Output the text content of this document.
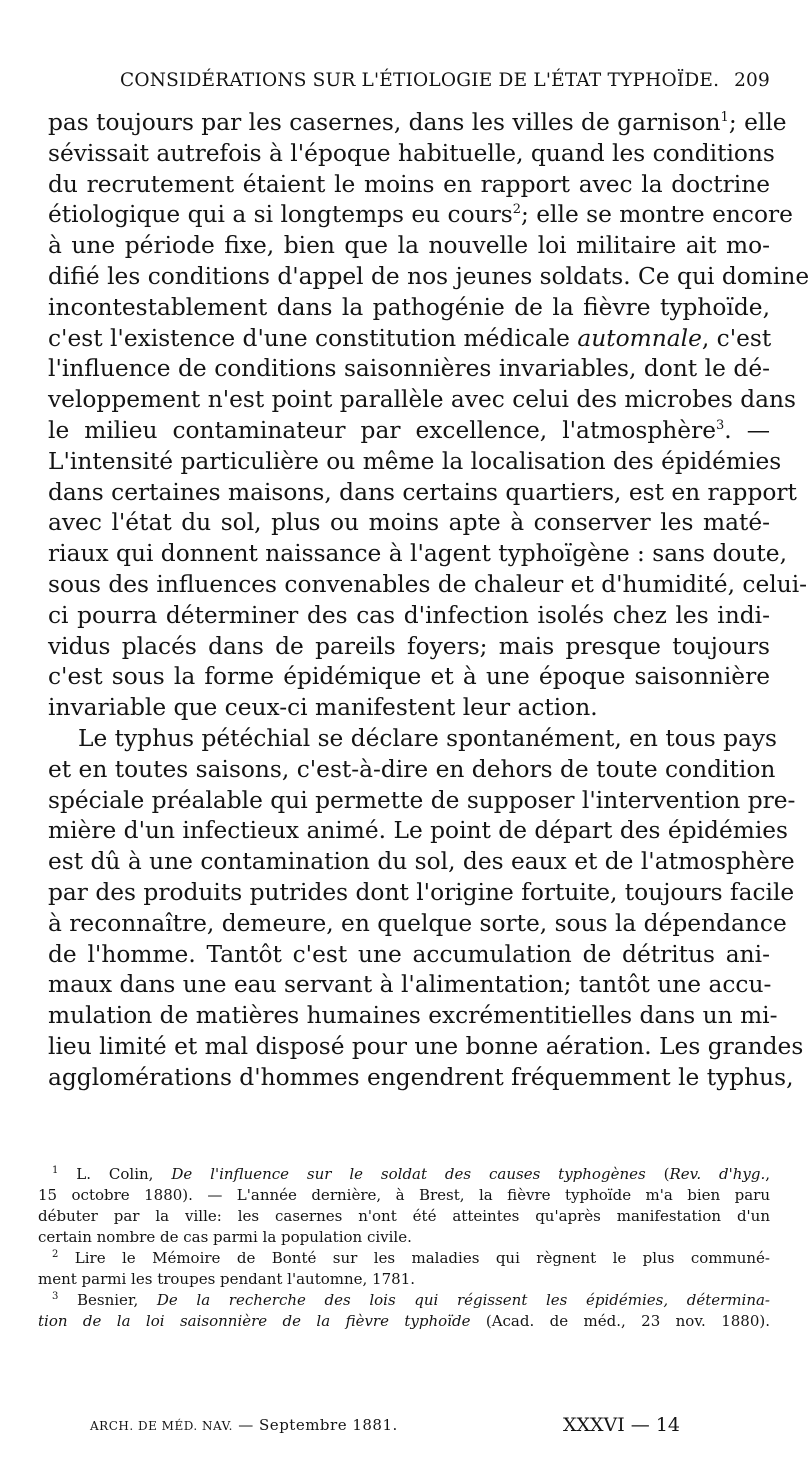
CONSIDÉRATIONS SUR L'ÉTIOLOGIE DE L'ÉTAT TYPHOÏDE. 209
pas toujours par les casernes, dans les villes de garnison$^1$; elle
sévissait autrefois à l'époque habituelle, quand les conditions
du recrutement étaient le moins en rapport avec la doctrine
étiologique qui a si longtemps eu cours$^2$; elle se montre encore
à une période fixe, bien que la nouvelle loi militaire ait mo-
difié les conditions d'appel de nos jeunes soldats. Ce qui domine
incontestablement dans la pathogénie de la fièvre typhoïde,
c'est l'existence d'une constitution médicale automnale, c'est
l'influence de conditions saisonnières invariables, dont le dé-
veloppement n'est point parallèle avec celui des microbes dans
le milieu contaminateur par excellence, l'atmosphère$^3$. —
L'intensité particulière ou même la localisation des épidémies
dans certaines maisons, dans certains quartiers, est en rapport
avec l'état du sol, plus ou moins apte à conserver les maté-
riaux qui donnent naissance à l'agent typhoïgène : sans doute,
sous des influences convenables de chaleur et d'humidité, celui-
ci pourra déterminer des cas d'infection isolés chez les indi-
vidus placés dans de pareils foyers; mais presque toujours
c'est sous la forme épidémique et à une époque saisonnière
invariable que ceux-ci manifestent leur action.
Le typhus pétéchial se déclare spontanément, en tous pays
et en toutes saisons, c'est-à-dire en dehors de toute condition
spéciale préalable qui permette de supposer l'intervention pre-
mière d'un infectieux animé. Le point de départ des épidémies
est dû à une contamination du sol, des eaux et de l'atmosphère
par des produits putrides dont l'origine fortuite, toujours facile
à reconnaître, demeure, en quelque sorte, sous la dépendance
de l'homme. Tantôt c'est une accumulation de détritus ani-
maux dans une eau servant à l'alimentation; tantôt une accu-
mulation de matières humaines excrémentitielles dans un mi-
lieu limité et mal disposé pour une bonne aération. Les grandes
agglomérations d'hommes engendrent fréquemment le typhus,
$^1$ L. Colin, De l'influence sur le soldat des causes typhogènes (Rev. d'hyg.,
15 octobre 1880). — L'année dernière, à Brest, la fièvre typhoïde m'a bien paru
débuter par la ville: les casernes n'ont été atteintes qu'après manifestation d'un
certain nombre de cas parmi la population civile.
$^2$ Lire le Mémoire de Bonté sur les maladies qui règnent le plus communé-
ment parmi les troupes pendant l'automne, 1781.
$^3$ Besnier, De la recherche des lois qui régissent les épidémies, détermina-
tion de la loi saisonnière de la fièvre typhoïde (Acad. de méd., 23 nov. 1880).
ARCH. DE MÉD. NAV. — Septembre 1881.	XXXVI — 14
